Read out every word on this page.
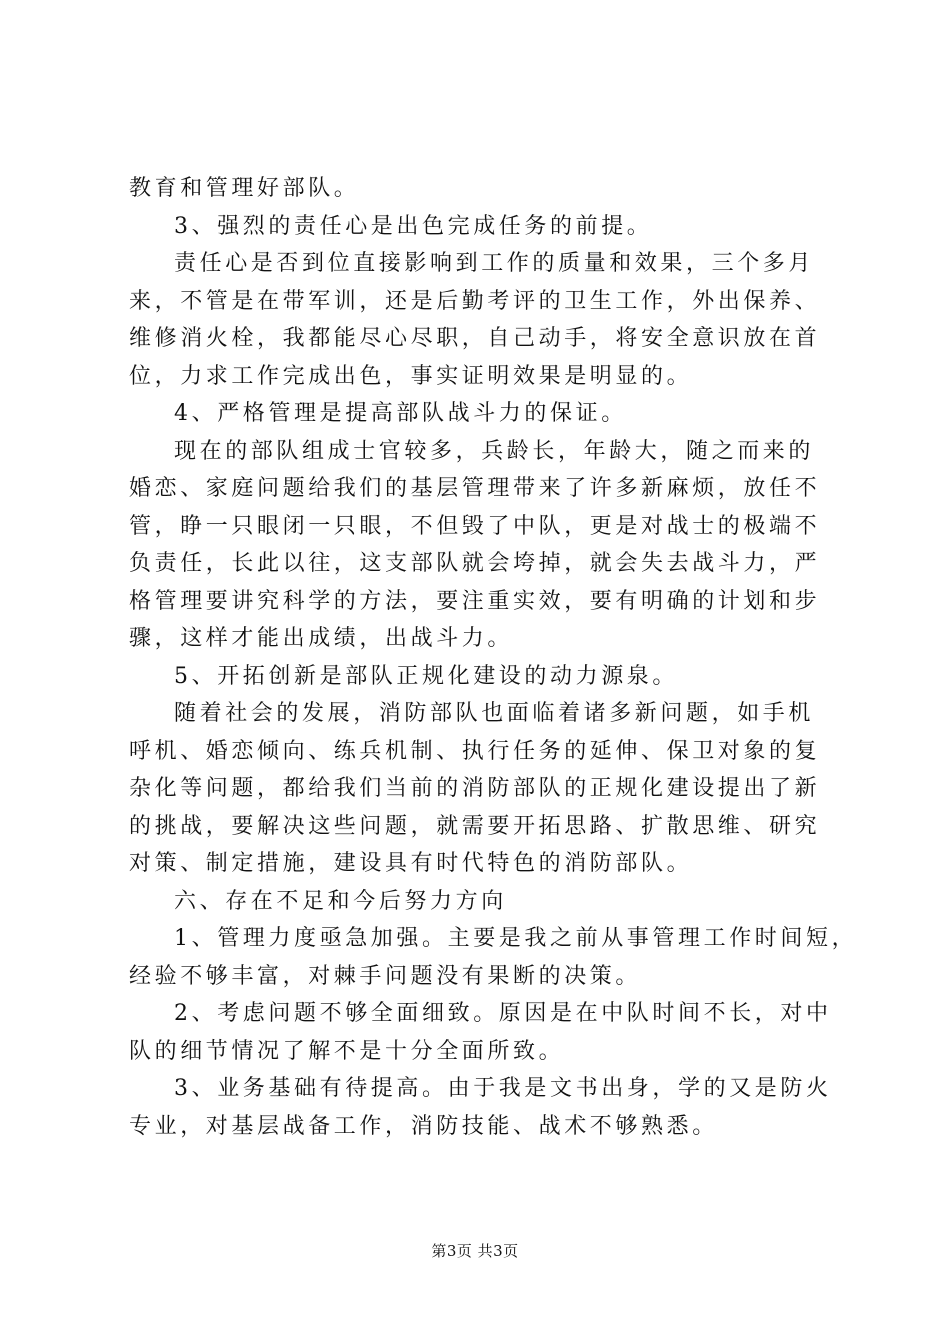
教育和管理好部队。
3、强烈的责任心是出色完成任务的前提。
责任心是否到位直接影响到工作的质量和效果，三个多月
来，不管是在带军训，还是后勤考评的卫生工作，外出保养、
维修消火栓，我都能尽心尽职，自己动手，将安全意识放在首
位，力求工作完成出色，事实证明效果是明显的。
4、严格管理是提高部队战斗力的保证。
现在的部队组成士官较多，兵龄长，年龄大，随之而来的
婚恋、家庭问题给我们的基层管理带来了许多新麻烦，放任不
管，睁一只眼闭一只眼，不但毁了中队，更是对战士的极端不
负责任，长此以往，这支部队就会垮掉，就会失去战斗力，严
格管理要讲究科学的方法，要注重实效，要有明确的计划和步
骤，这样才能出成绩，出战斗力。
5、开拓创新是部队正规化建设的动力源泉。
随着社会的发展，消防部队也面临着诸多新问题，如手机
呼机、婚恋倾向、练兵机制、执行任务的延伸、保卫对象的复
杂化等问题，都给我们当前的消防部队的正规化建设提出了新
的挑战，要解决这些问题，就需要开拓思路、扩散思维、研究
对策、制定措施，建设具有时代特色的消防部队。
六、存在不足和今后努力方向
1、管理力度亟急加强。主要是我之前从事管理工作时间短，
经验不够丰富，对棘手问题没有果断的决策。
2、考虑问题不够全面细致。原因是在中队时间不长，对中
队的细节情况了解不是十分全面所致。
3、业务基础有待提高。由于我是文书出身，学的又是防火
专业，对基层战备工作，消防技能、战术不够熟悉。
第3页 共3页
